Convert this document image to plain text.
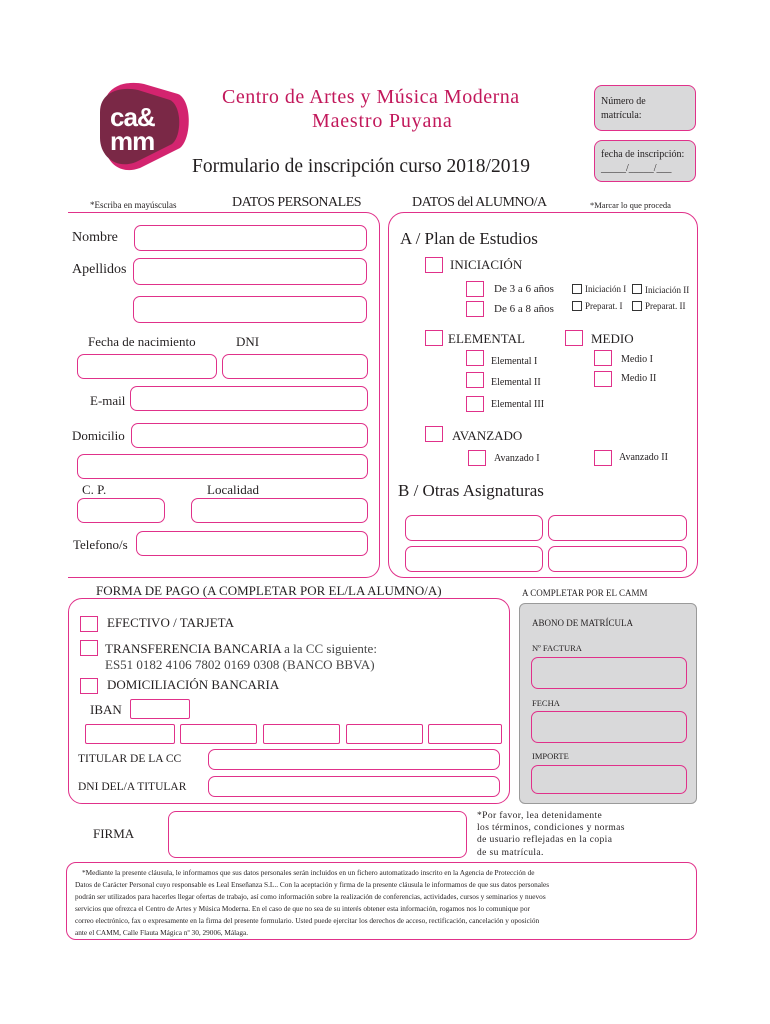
ca&
mm
Centro de Artes y Música Moderna
Maestro Puyana
Formulario de inscripción curso 2018/2019
Número de
matrícula:
fecha de inscripción:
_____/_____/___
*Escriba en mayúsculas	DATOS PERSONALES
Nombre
Apellidos
Fecha de nacimiento	DNI
E-mail
Domicilio
C. P.	Localidad
Telefono/s
DATOS del ALUMNO/A	*Marcar lo que proceda
A / Plan de Estudios
INICIACIÓN
De 3 a 6 años
De 6 a 8 años
Iniciación I Iniciación II
Preparat. I	Preparat. II
ELEMENTAL	MEDIO
Elemental I
Elemental II
Elemental III
Medio I
Medio II
AVANZADO
Avanzado I	Avanzado II
B / Otras Asignaturas
FORMA DE PAGO (A COMPLETAR POR EL/LA ALUMNO/A)
EFECTIVO / TARJETA
TRANSFERENCIA BANCARIA a la CC siguiente:
ES51 0182 4106 7802 0169 0308 (BANCO BBVA)
DOMICILIACIÓN BANCARIA
IBAN
TITULAR DE LA CC
DNI DEL/A TITULAR
A COMPLETAR POR EL CAMM
ABONO DE MATRÍCULA
Nº FACTURA
FECHA
IMPORTE
FIRMA
*Por favor, lea detenidamente
los términos, condiciones y normas
de usuario reflejadas en la copia
de su matrícula.
*Mediante la presente cláusula, le informamos que sus datos personales serán incluidos en un fichero automatizado inscrito en la Agencia de Protección de
Datos de Carácter Personal cuyo responsable es Leal Enseñanza S.L.. Con la aceptación y firma de la presente cláusula le informamos de que sus datos personales
podrán ser utilizados para hacerles llegar ofertas de trabajo, así como información sobre la realización de conferencias, actividades, cursos y seminarios y nuevos
servicios que ofrezca el Centro de Artes y Música Moderna. En el caso de que no sea de su interés obtener esta información, rogamos nos lo comunique por
correo electrónico, fax o expresamente en la firma del presente formulario. Usted puede ejercitar los derechos de acceso, rectificación, cancelación y oposición
ante el CAMM, Calle Flauta Mágica nº 30, 29006, Málaga.
